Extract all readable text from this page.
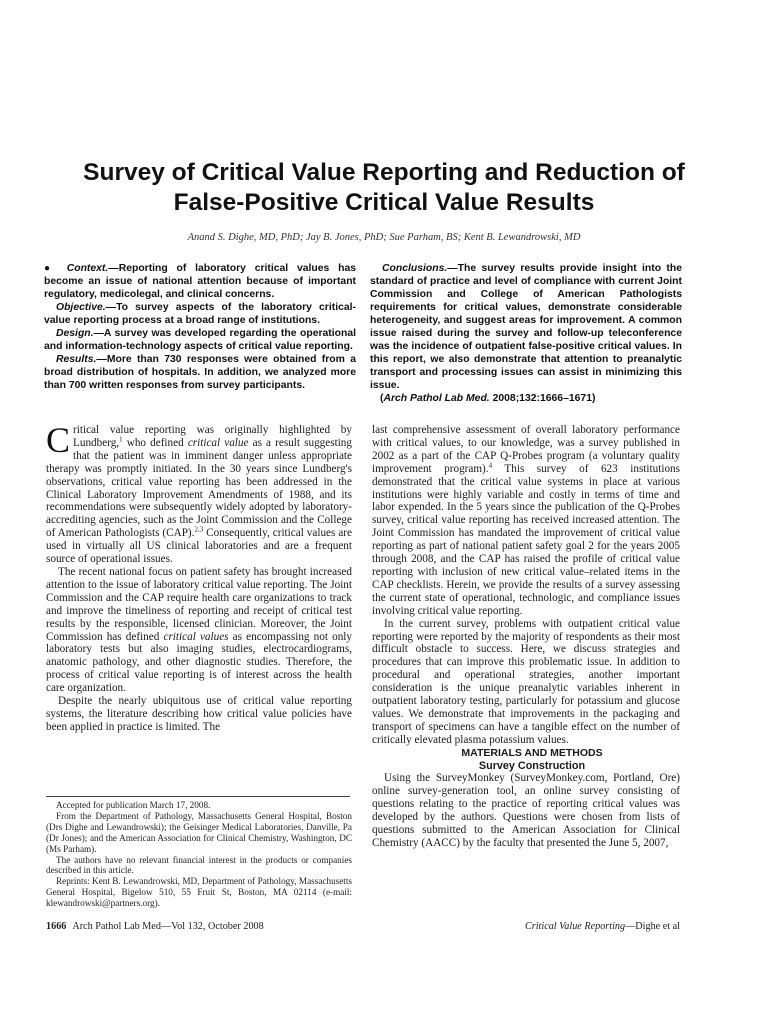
Survey of Critical Value Reporting and Reduction of
False-Positive Critical Value Results
Anand S. Dighe, MD, PhD; Jay B. Jones, PhD; Sue Parham, BS; Kent B. Lewandrowski, MD

● Context.—Reporting of laboratory critical values has become an issue of national attention because of important regulatory, medicolegal, and clinical concerns.

Objective.—To survey aspects of the laboratory critical-value reporting process at a broad range of institutions.

Design.—A survey was developed regarding the operational and information-technology aspects of critical value reporting.

Results.—More than 730 responses were obtained from a broad distribution of hospitals. In addition, we analyzed more than 700 written responses from survey participants.

Conclusions.—The survey results provide insight into the standard of practice and level of compliance with current Joint Commission and College of American Pathologists requirements for critical values, demonstrate considerable heterogeneity, and suggest areas for improvement. A common issue raised during the survey and follow-up teleconference was the incidence of outpatient false-positive critical values. In this report, we also demonstrate that attention to preanalytic transport and processing issues can assist in minimizing this issue.

(Arch Pathol Lab Med. 2008;132:1666–1671)

Critical value reporting was originally highlighted by Lundberg,$^1$ who defined critical value as a result suggesting that the patient was in imminent danger unless appropriate therapy was promptly initiated. In the 30 years since Lundberg's observations, critical value reporting has been addressed in the Clinical Laboratory Improvement Amendments of 1988, and its recommendations were subsequently widely adopted by laboratory-accrediting agencies, such as the Joint Commission and the College of American Pathologists (CAP).$^{2,3}$ Consequently, critical values are used in virtually all US clinical laboratories and are a frequent source of operational issues.

The recent national focus on patient safety has brought increased attention to the issue of laboratory critical value reporting. The Joint Commission and the CAP require health care organizations to track and improve the timeliness of reporting and receipt of critical test results by the responsible, licensed clinician. Moreover, the Joint Commission has defined critical values as encompassing not only laboratory tests but also imaging studies, electrocardiograms, anatomic pathology, and other diagnostic studies. Therefore, the process of critical value reporting is of interest across the health care organization.

Despite the nearly ubiquitous use of critical value reporting systems, the literature describing how critical value policies have been applied in practice is limited. The

last comprehensive assessment of overall laboratory performance with critical values, to our knowledge, was a survey published in 2002 as a part of the CAP Q-Probes program (a voluntary quality improvement program).$^4$ This survey of 623 institutions demonstrated that the critical value systems in place at various institutions were highly variable and costly in terms of time and labor expended. In the 5 years since the publication of the Q-Probes survey, critical value reporting has received increased attention. The Joint Commission has mandated the improvement of critical value reporting as part of national patient safety goal 2 for the years 2005 through 2008, and the CAP has raised the profile of critical value reporting with inclusion of new critical value–related items in the CAP checklists. Herein, we provide the results of a survey assessing the current state of operational, technologic, and compliance issues involving critical value reporting.

In the current survey, problems with outpatient critical value reporting were reported by the majority of respondents as their most difficult obstacle to success. Here, we discuss strategies and procedures that can improve this problematic issue. In addition to procedural and operational strategies, another important consideration is the unique preanalytic variables inherent in outpatient laboratory testing, particularly for potassium and glucose values. We demonstrate that improvements in the packaging and transport of specimens can have a tangible effect on the number of critically elevated plasma potassium values.

MATERIALS AND METHODS

Survey Construction

Using the SurveyMonkey (SurveyMonkey.com, Portland, Ore) online survey-generation tool, an online survey consisting of questions relating to the practice of reporting critical values was developed by the authors. Questions were chosen from lists of questions submitted to the American Association for Clinical Chemistry (AACC) by the faculty that presented the June 5, 2007,

Accepted for publication March 17, 2008.

From the Department of Pathology, Massachusetts General Hospital, Boston (Drs Dighe and Lewandrowski); the Geisinger Medical Laboratories, Danville, Pa (Dr Jones); and the American Association for Clinical Chemistry, Washington, DC (Ms Parham).

The authors have no relevant financial interest in the products or companies described in this article.

Reprints: Kent B. Lewandrowski, MD, Department of Pathology, Massachusetts General Hospital, Bigelow 510, 55 Fruit St, Boston, MA 02114 (e-mail: klewandrowski@partners.org).

1666 Arch Pathol Lab Med—Vol 132, October 2008	Critical Value Reporting—Dighe et al
